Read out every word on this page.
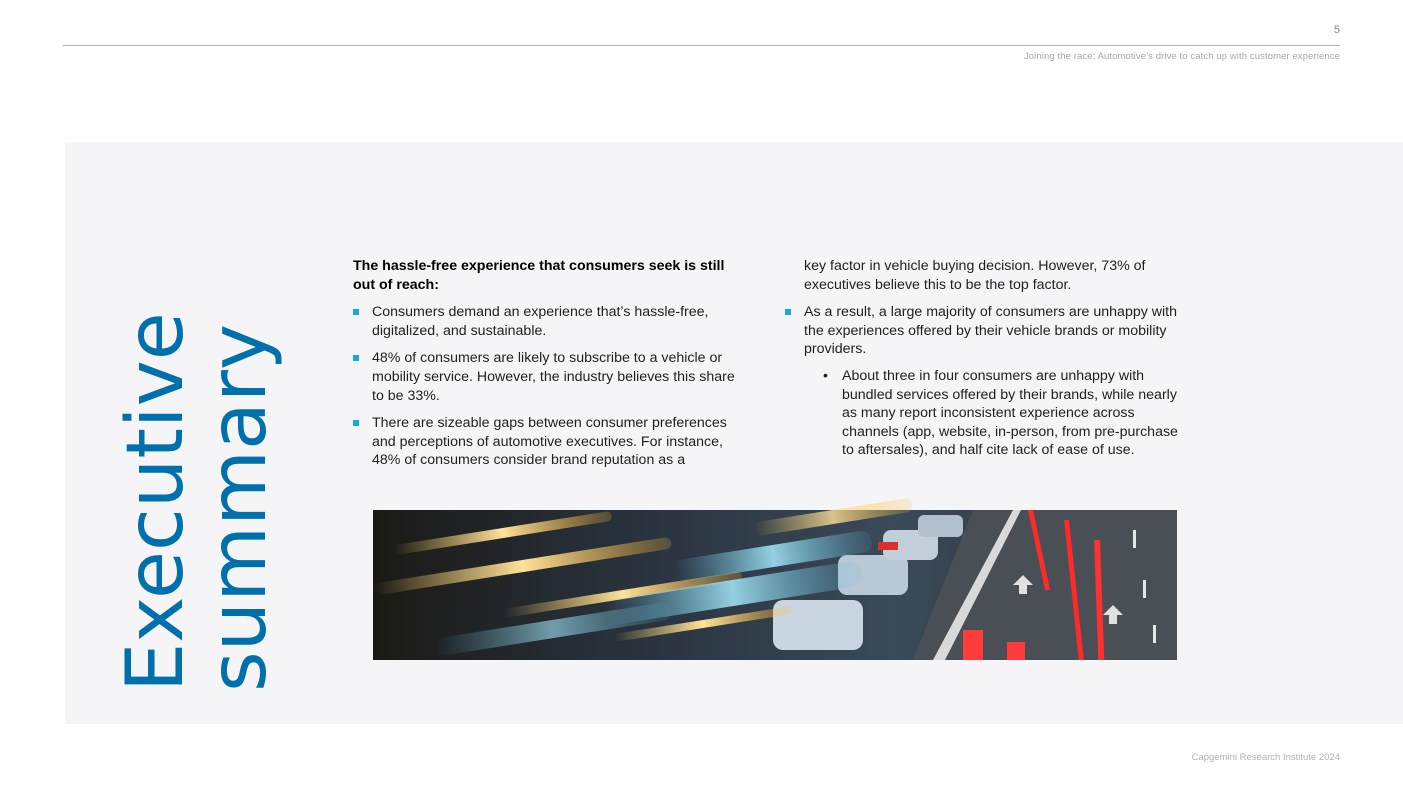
5
Joining the race: Automotive’s drive to catch up with customer experience
Executive
summary

The hassle-free experience that consumers seek is still out of reach:

Consumers demand an experience that’s hassle-free, digitalized, and sustainable.
48% of consumers are likely to subscribe to a vehicle or mobility service. However, the industry believes this share to be 33%.
There are sizeable gaps between consumer preferences and perceptions of automotive executives. For instance, 48% of consumers consider brand reputation as a

key factor in vehicle buying decision. However, 73% of executives believe this to be the top factor.

As a result, a large majority of consumers are unhappy with the experiences offered by their vehicle brands or mobility providers.
• About three in four consumers are unhappy with bundled services offered by their brands, while nearly as many report inconsistent experience across channels (app, website, in-person, from pre-purchase to aftersales), and half cite lack of ease of use.
Capgemini Research Institute 2024
